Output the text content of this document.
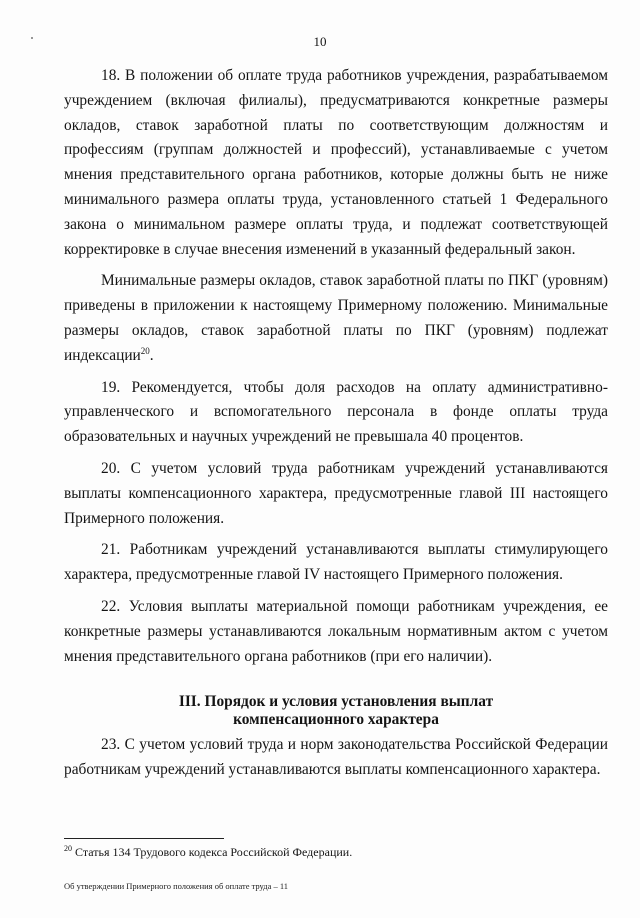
10

18. В положении об оплате труда работников учреждения, разрабатываемом учреждением (включая филиалы), предусматриваются конкретные размеры окладов, ставок заработной платы по соответствующим должностям и профессиям (группам должностей и профессий), устанавливаемые с учетом мнения представительного органа работников, которые должны быть не ниже минимального размера оплаты труда, установленного статьей 1 Федерального закона о минимальном размере оплаты труда, и подлежат соответствующей корректировке в случае внесения изменений в указанный федеральный закон.

Минимальные размеры окладов, ставок заработной платы по ПКГ (уровням) приведены в приложении к настоящему Примерному положению. Минимальные размеры окладов, ставок заработной платы по ПКГ (уровням) подлежат индексации$^{20}$.

19. Рекомендуется, чтобы доля расходов на оплату административно-управленческого и вспомогательного персонала в фонде оплаты труда образовательных и научных учреждений не превышала 40 процентов.

20. С учетом условий труда работникам учреждений устанавливаются выплаты компенсационного характера, предусмотренные главой III настоящего Примерного положения.

21. Работникам учреждений устанавливаются выплаты стимулирующего характера, предусмотренные главой IV настоящего Примерного положения.

22. Условия выплаты материальной помощи работникам учреждения, ее конкретные размеры устанавливаются локальным нормативным актом с учетом мнения представительного органа работников (при его наличии).

III. Порядок и условия установления выплат
компенсационного характера

23. С учетом условий труда и норм законодательства Российской Федерации работникам учреждений устанавливаются выплаты компенсационного характера.

$^{20}$ Статья 134 Трудового кодекса Российской Федерации.
Об утверждении Примерного положения об оплате труда – 11
